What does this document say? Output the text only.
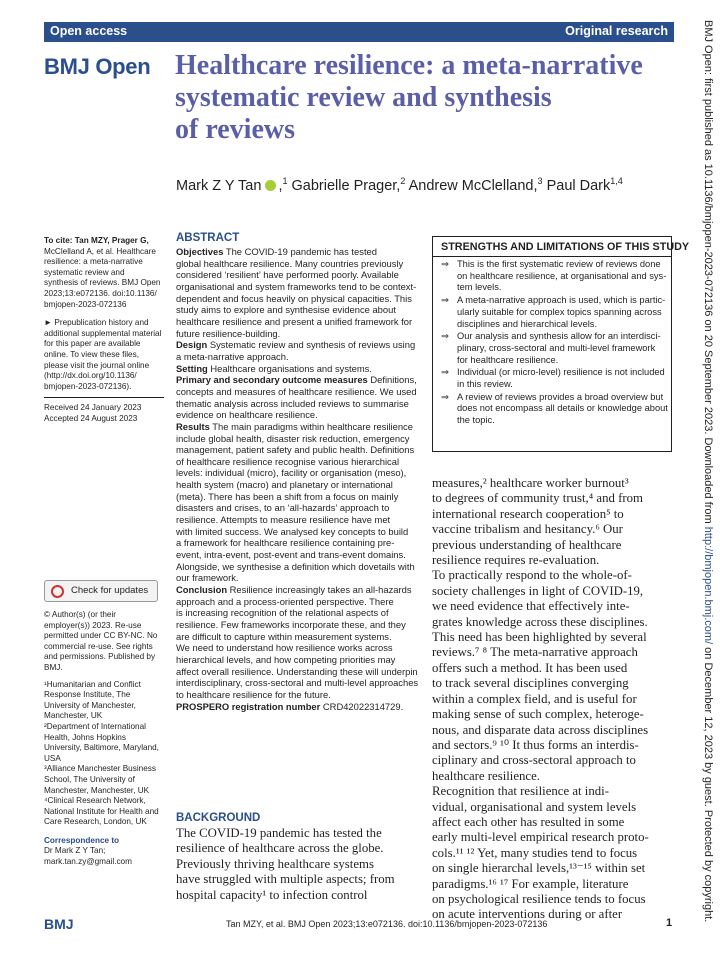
Open access	Original research
BMJ Open Healthcare resilience: a meta-narrative
systematic review and synthesis
of reviews
Mark Z Y Tan ,$^1$ Gabrielle Prager,$^2$ Andrew McClelland,$^3$ Paul Dark$^{1,4}$
To cite: Tan MZY, Prager G,
McClelland A, et al. Healthcare
resilience: a meta-narrative
systematic review and
synthesis of reviews. BMJ Open
2023;13:e072136. doi:10.1136/
bmjopen-2023-072136
► Prepublication history and
additional supplemental material
for this paper are available
online. To view these files,
please visit the journal online
(http://dx.doi.org/10.1136/
bmjopen-2023-072136).
Received 24 January 2023
Accepted 24 August 2023
Check for updates
© Author(s) (or their
employer(s)) 2023. Re-use
permitted under CC BY-NC. No
commercial re-use. See rights
and permissions. Published by
BMJ.
¹Humanitarian and Conflict
Response Institute, The
University of Manchester,
Manchester, UK
²Department of International
Health, Johns Hopkins
University, Baltimore, Maryland,
USA
³Alliance Manchester Business
School, The University of
Manchester, Manchester, UK
⁴Clinical Research Network,
National Institute for Health and
Care Research, London, UK
Correspondence to
Dr Mark Z Y Tan;
mark.tan.zy@gmail.com
ABSTRACT
Objectives The COVID-19 pandemic has tested
global healthcare resilience. Many countries previously
considered ‘resilient’ have performed poorly. Available
organisational and system frameworks tend to be context-
dependent and focus heavily on physical capacities. This
study aims to explore and synthesise evidence about
healthcare resilience and present a unified framework for
future resilience-building.
Design Systematic review and synthesis of reviews using
a meta-narrative approach.
Setting Healthcare organisations and systems.
Primary and secondary outcome measures Definitions,
concepts and measures of healthcare resilience. We used
thematic analysis across included reviews to summarise
evidence on healthcare resilience.
Results The main paradigms within healthcare resilience
include global health, disaster risk reduction, emergency
management, patient safety and public health. Definitions
of healthcare resilience recognise various hierarchical
levels: individual (micro), facility or organisation (meso),
health system (macro) and planetary or international
(meta). There has been a shift from a focus on mainly
disasters and crises, to an ‘all-hazards’ approach to
resilience. Attempts to measure resilience have met
with limited success. We analysed key concepts to build
a framework for healthcare resilience containing pre-
event, intra-event, post-event and trans-event domains.
Alongside, we synthesise a definition which dovetails with
our framework.
Conclusion Resilience increasingly takes an all-hazards
approach and a process-oriented perspective. There
is increasing recognition of the relational aspects of
resilience. Few frameworks incorporate these, and they
are difficult to capture within measurement systems.
We need to understand how resilience works across
hierarchical levels, and how competing priorities may
affect overall resilience. Understanding these will underpin
interdisciplinary, cross-sectoral and multi-level approaches
to healthcare resilience for the future.
PROSPERO registration number CRD42022314729.
STRENGTHS AND LIMITATIONS OF THIS STUDY
⇒ This is the first systematic review of reviews done
on healthcare resilience, at organisational and sys-
tem levels.
⇒ A meta-narrative approach is used, which is partic-
ularly suitable for complex topics spanning across
disciplines and hierarchical levels.
⇒ Our analysis and synthesis allow for an interdisci-
plinary, cross-sectoral and multi-level framework
for healthcare resilience.
⇒ Individual (or micro-level) resilience is not included
in this review.
⇒ A review of reviews provides a broad overview but
does not encompass all details or knowledge about
the topic.
BACKGROUND
The COVID-19 pandemic has tested the
resilience of healthcare across the globe.
Previously thriving healthcare systems
have struggled with multiple aspects; from
hospital capacity¹ to infection control
measures,² healthcare worker burnout³
to degrees of community trust,⁴ and from
international research cooperation⁵ to
vaccine tribalism and hesitancy.⁶ Our
previous understanding of healthcare
resilience requires re-evaluation.
To practically respond to the whole-of-
society challenges in light of COVID-19,
we need evidence that effectively inte-
grates knowledge across these disciplines.
This need has been highlighted by several
reviews.⁷ ⁸ The meta-narrative approach
offers such a method. It has been used
to track several disciplines converging
within a complex field, and is useful for
making sense of such complex, heteroge-
nous, and disparate data across disciplines
and sectors.⁹ ¹⁰ It thus forms an interdis-
ciplinary and cross-sectoral approach to
healthcare resilience.
Recognition that resilience at indi-
vidual, organisational and system levels
affect each other has resulted in some
early multi-level empirical research proto-
cols.¹¹ ¹² Yet, many studies tend to focus
on single hierarchal levels,¹³⁻¹⁵ within set
paradigms.¹⁶ ¹⁷ For example, literature
on psychological resilience tends to focus
on acute interventions during or after
BMJ	Tan MZY, et al. BMJ Open 2023;13:e072136. doi:10.1136/bmjopen-2023-072136	1
BMJ Open: first published as 10.1136/bmjopen-2023-072136 on 20 September 2023. Downloaded from http://bmjopen.bmj.com/ on December 12, 2023 by guest. Protected by copyright.
